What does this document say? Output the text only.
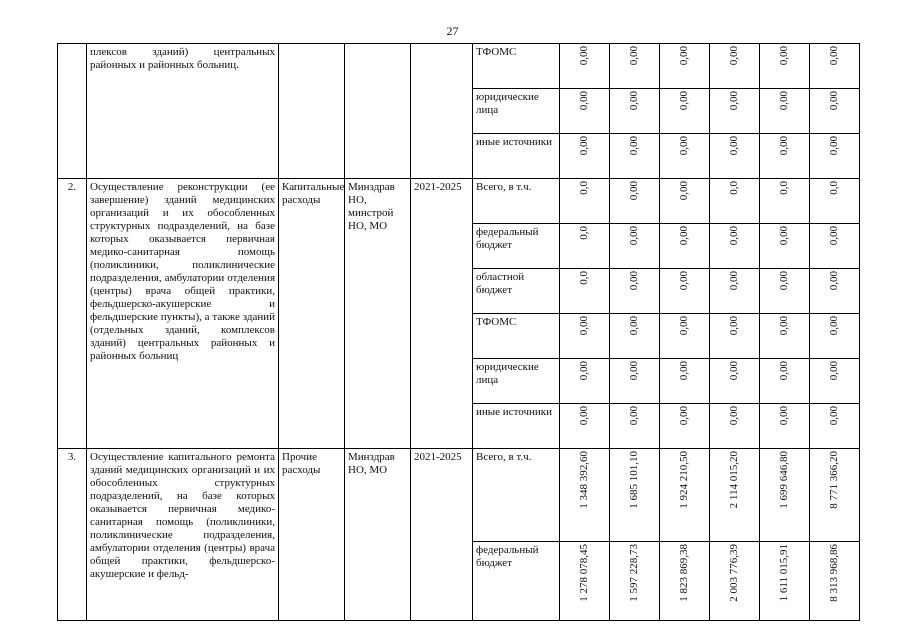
27
	плексов зданий) центральных районных и районных больниц.				ТФОМС	0,00	0,00	0,00	0,00	0,00	0,00
					юридические лица	0,00	0,00	0,00	0,00	0,00	0,00
					иные источники	0,00	0,00	0,00	0,00	0,00	0,00
2.	Осуществление реконструкции (ее завершение) зданий медицинских организаций и их обособленных структурных подразделений, на базе которых оказывается первичная медико-санитарная помощь (поликлиники, поликлинические подразделения, амбулатории отделения (центры) врача общей практики, фельдшерско-акушерские и фельдшерские пункты), а также зданий (отдельных зданий, комплексов зданий) центральных районных и районных больниц	Капитальные расходы	Минздрав НО, минстрой НО, МО	2021-2025	Всего, в т.ч.	0,0	0,00	0,00	0,0	0,0	0,0
					федеральный бюджет	0,0	0,00	0,00	0,00	0,00	0,00
					областной бюджет	0,0	0,00	0,00	0,00	0,00	0,00
					ТФОМС	0,00	0,00	0,00	0,00	0,00	0,00
					юридические лица	0,00	0,00	0,00	0,00	0,00	0,00
					иные источники	0,00	0,00	0,00	0,00	0,00	0,00
3.	Осуществление капитального ремонта зданий медицинских организаций и их обособленных структурных подразделений, на базе которых оказывается первичная медико-санитарная помощь (поликлиники, поликлинические подразделения, амбулатории отделения (центры) врача общей практики, фельдшерско-акушерские и фельд-	Прочие расходы	Минздрав НО, МО	2021-2025	Всего, в т.ч.	1 348 392,60	1 685 101,10	1 924 210,50	2 114 015,20	1 699 646,80	8 771 366,20
					федеральный бюджет	1 278 078,45	1 597 228,73	1 823 869,38	2 003 776,39	1 611 015,91	8 313 968,86
